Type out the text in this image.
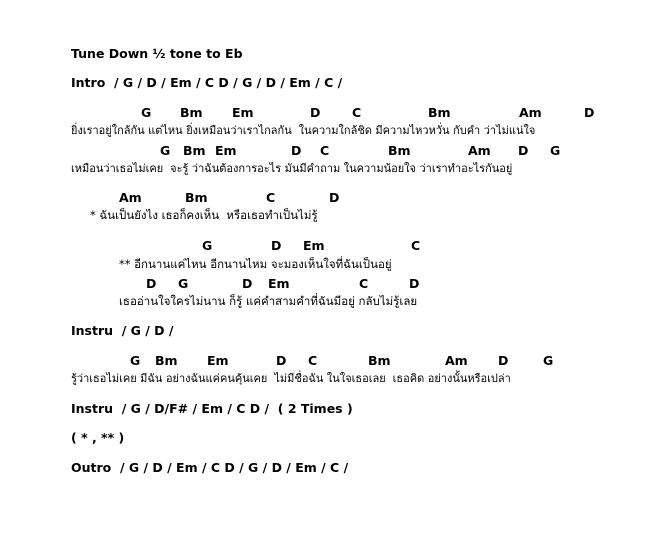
Tune Down ½ tone to Eb
Intro  / G / D / Em / C D / G / D / Em / C /
G Bm Em	D	C	Bm	Am	D
ยิ่งเราอยู่ใกล้กัน แต่ไหน ยิ่งเหมือนว่าเราไกลกัน  ในความใกล้ชิด มีความไหวหวั่น กับคำ ว่าไม่แน่ใจ
G Bm Em	D C	Bm	Am D G
เหมือนว่าเธอไม่เคย  จะรู้ ว่าฉันต้องการอะไร มันมีคำถาม ในความน้อยใจ ว่าเราทำอะไรกันอยู่
Am	Bm	C	D
* ฉันเป็นยังไง เธอก็คงเห็น  หรือเธอทำเป็นไม่รู้
G	D Em	C
** อีกนานแค่ไหน อีกนานไหม จะมองเห็นใจที่ฉันเป็นอยู่
D G	D Em	C	D
เธออ่านใจใครไม่นาน ก็รู้ แค่คำสามคำที่ฉันมีอยู่ กลับไม่รู้เลย
Instru  / G / D /
G Bm Em	D C	Bm	Am D	G
รู้ว่าเธอไม่เคย มีฉัน อย่างฉันแค่คนคุ้นเคย  ไม่มีชื่อฉัน ในใจเธอเลย  เธอคิด อย่างนั้นหรือเปล่า
Instru  / G / D/F# / Em / C D /  ( 2 Times )
( * , ** )
Outro  / G / D / Em / C D / G / D / Em / C /
